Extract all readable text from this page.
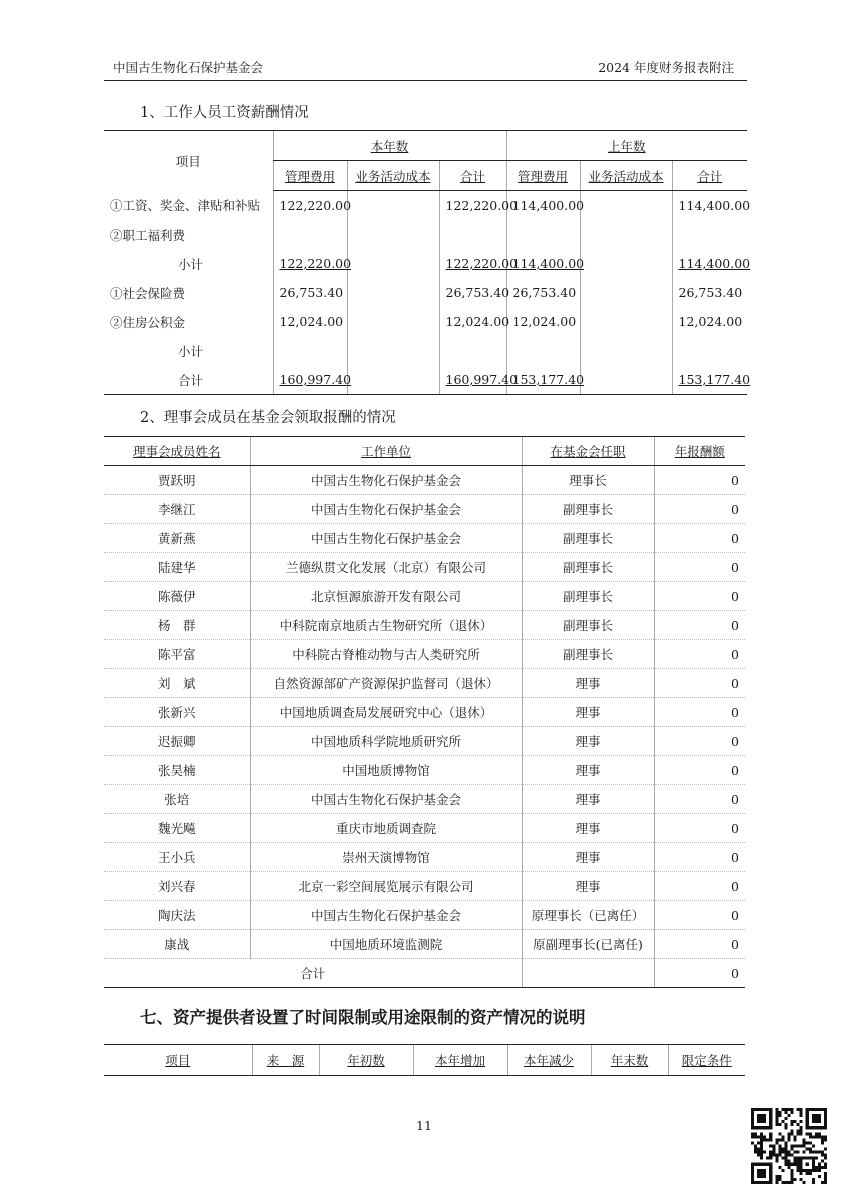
中国古生物化石保护基金会	2024 年度财务报表附注
1、工作人员工资薪酬情况
项目	本年数			上年数		
	管理费用	业务活动成本	合计	管理费用	业务活动成本	合计
①工资、奖金、津贴和补贴	122,220.00		122,220.00	114,400.00		114,400.00
②职工福利费						
小计	122,220.00		122,220.00	114,400.00		114,400.00
①社会保险费	26,753.40		26,753.40	26,753.40		26,753.40
②住房公积金	12,024.00		12,024.00	12,024.00		12,024.00
小计						
合计	160,997.40		160,997.40	153,177.40		153,177.40
2、理事会成员在基金会领取报酬的情况
理事会成员姓名	工作单位	在基金会任职	年报酬额
贾跃明	中国古生物化石保护基金会	理事长	0
李继江	中国古生物化石保护基金会	副理事长	0
黄新燕	中国古生物化石保护基金会	副理事长	0
陆建华	兰德纵贯文化发展（北京）有限公司	副理事长	0
陈薇伊	北京恒源旅游开发有限公司	副理事长	0
杨　群	中科院南京地质古生物研究所（退休）	副理事长	0
陈平富	中科院古脊椎动物与古人类研究所	副理事长	0
刘　斌	自然资源部矿产资源保护监督司（退休）	理事	0
张新兴	中国地质调查局发展研究中心（退休）	理事	0
迟振卿	中国地质科学院地质研究所	理事	0
张昊楠	中国地质博物馆	理事	0
张培	中国古生物化石保护基金会	理事	0
魏光飚	重庆市地质调查院	理事	0
王小兵	崇州天演博物馆	理事	0
刘兴春	北京一彩空间展览展示有限公司	理事	0
陶庆法	中国古生物化石保护基金会	原理事长（已离任）	0
康战	中国地质环境监测院	原副理事长(已离任)	0
合计			0
七、资产提供者设置了时间限制或用途限制的资产情况的说明
项目	来　源	年初数	本年增加	本年减少	年末数	限定条件
11
